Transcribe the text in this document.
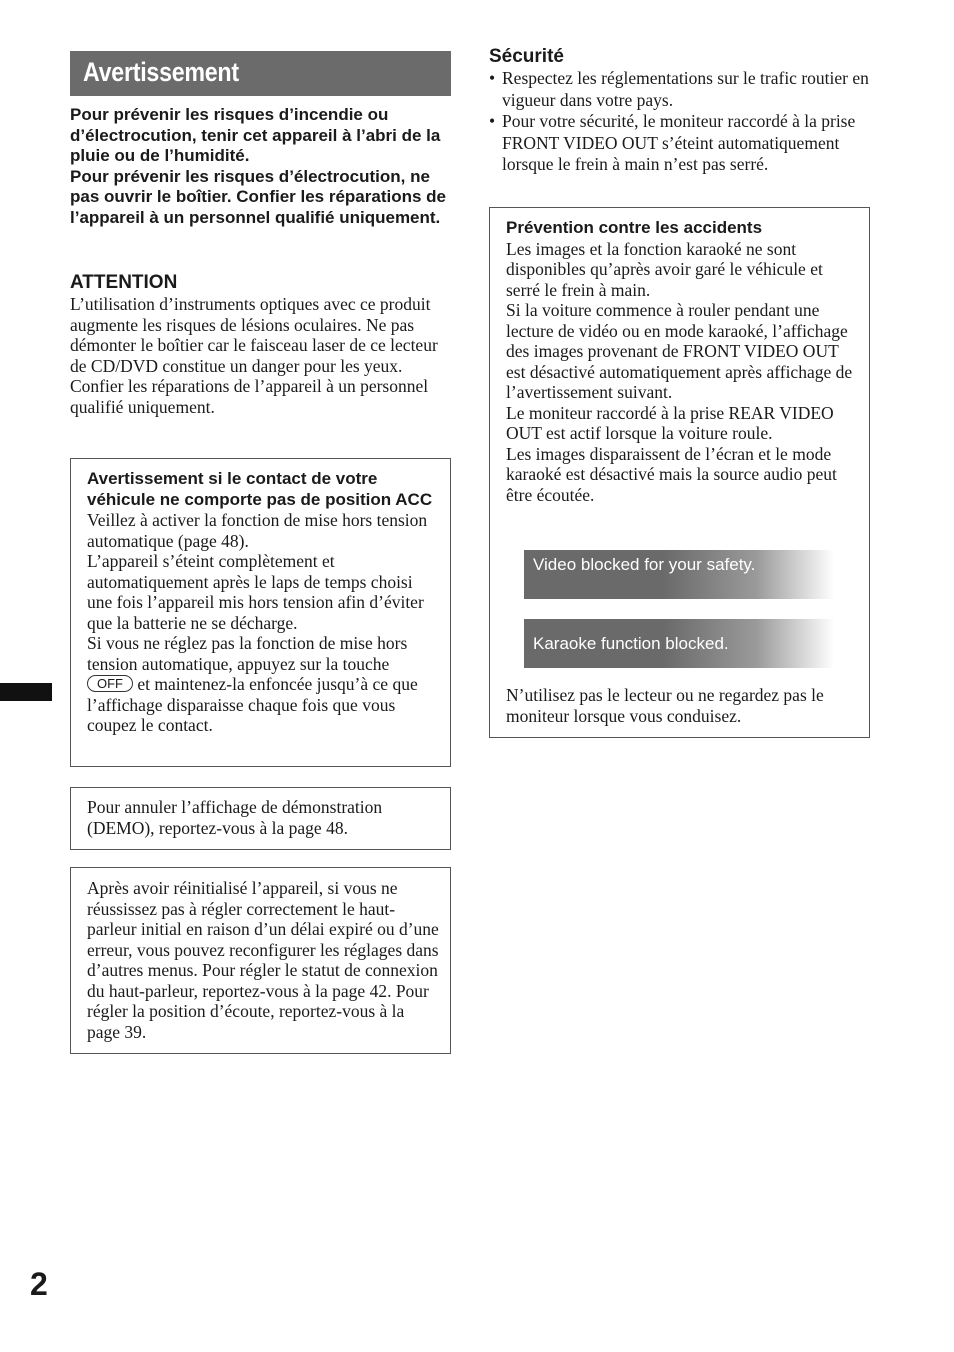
Avertissement

Pour prévenir les risques d’incendie ou d’électrocution, tenir cet appareil à l’abri de la pluie ou de l’humidité.

Pour prévenir les risques d’électrocution, ne pas ouvrir le boîtier. Confier les réparations de l’appareil à un personnel qualifié uniquement.

ATTENTION

L’utilisation d’instruments optiques avec ce produit augmente les risques de lésions oculaires. Ne pas démonter le boîtier car le faisceau laser de ce lecteur de CD/DVD constitue un danger pour les yeux.

Confier les réparations de l’appareil à un personnel qualifié uniquement.

Avertissement si le contact de votre véhicule ne comporte pas de position ACC

Veillez à activer la fonction de mise hors tension automatique (page 48).

L’appareil s’éteint complètement et automatiquement après le laps de temps choisi une fois l’appareil mis hors tension afin d’éviter que la batterie ne se décharge.

Si vous ne réglez pas la fonction de mise hors tension automatique, appuyez sur la touche
OFF et maintenez-la enfoncée jusqu’à ce que l’affichage disparaisse chaque fois que vous coupez le contact.

Pour annuler l’affichage de démonstration (DEMO), reportez-vous à la page 48.

Après avoir réinitialisé l’appareil, si vous ne réussissez pas à régler correctement le haut-parleur initial en raison d’un délai expiré ou d’une erreur, vous pouvez reconfigurer les réglages dans d’autres menus. Pour régler le statut de connexion du haut-parleur, reportez-vous à la page 42. Pour régler la position d’écoute, reportez-vous à la page 39.

Sécurité

• Respectez les réglementations sur le trafic routier en vigueur dans votre pays.
• Pour votre sécurité, le moniteur raccordé à la prise FRONT VIDEO OUT s’éteint automatiquement lorsque le frein à main n’est pas serré.

Prévention contre les accidents

Les images et la fonction karaoké ne sont disponibles qu’après avoir garé le véhicule et serré le frein à main.

Si la voiture commence à rouler pendant une lecture de vidéo ou en mode karaoké, l’affichage des images provenant de FRONT VIDEO OUT est désactivé automatiquement après affichage de l’avertissement suivant.

Le moniteur raccordé à la prise REAR VIDEO OUT est actif lorsque la voiture roule.

Les images disparaissent de l’écran et le mode karaoké est désactivé mais la source audio peut être écoutée.

Video blocked for your safety.
Karaoke function blocked.

N’utilisez pas le lecteur ou ne regardez pas le moniteur lorsque vous conduisez.

2
